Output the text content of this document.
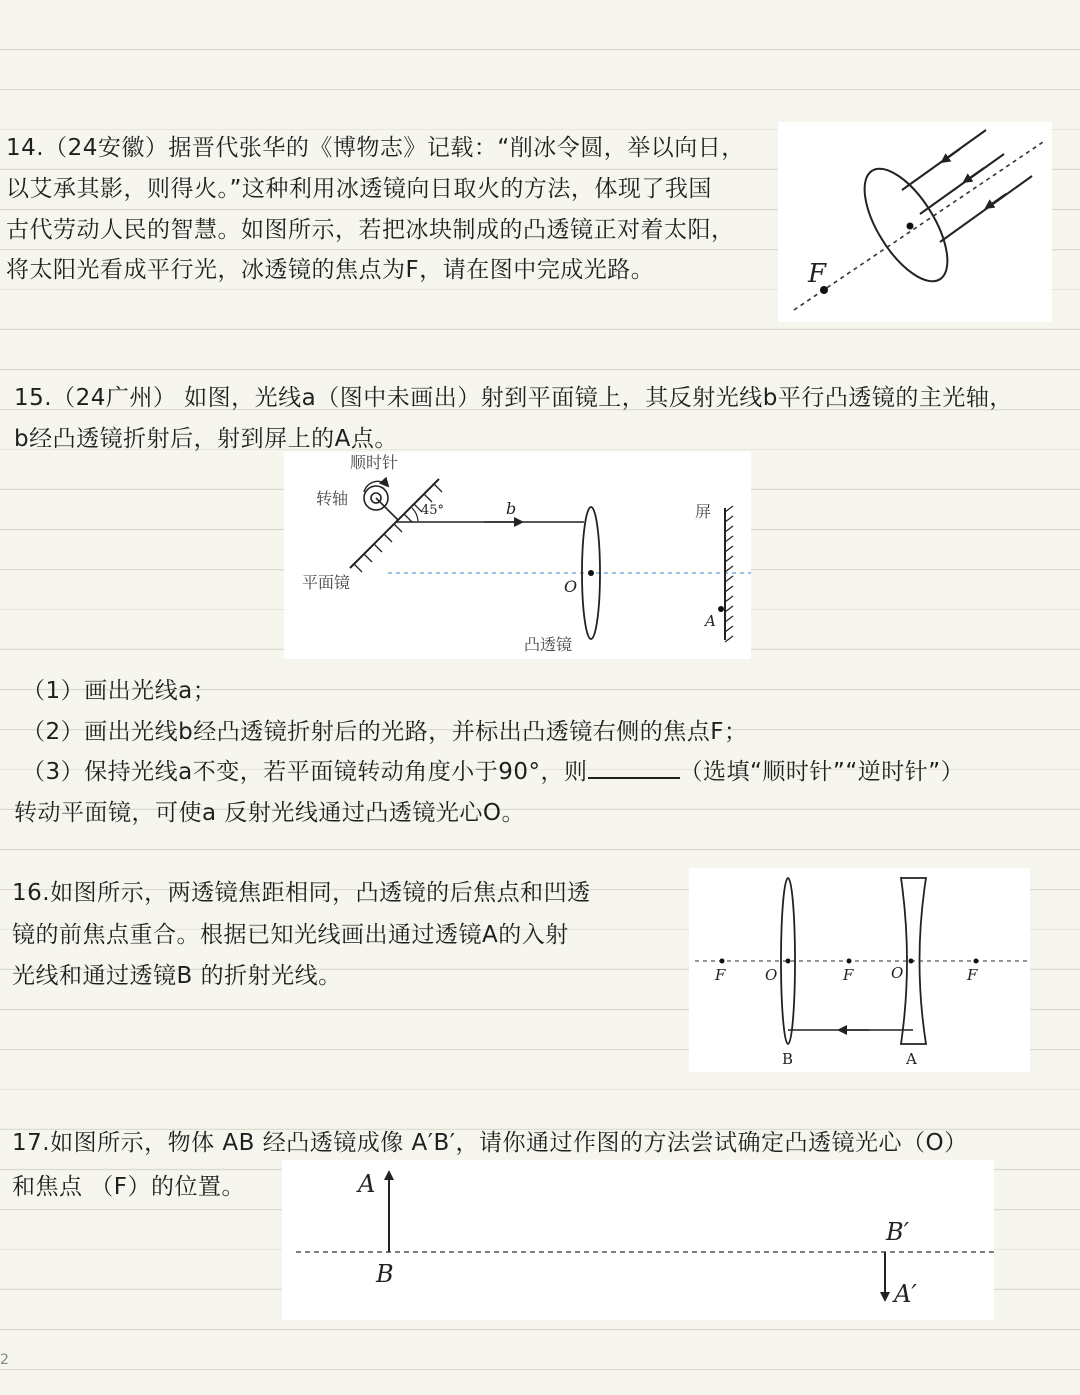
14.（24安徽）据晋代张华的《博物志》记载：“削冰令圆，举以向日，
以艾承其影，则得火。”这种利用冰透镜向日取火的方法，体现了我国
古代劳动人民的智慧。如图所示，若把冰块制成的凸透镜正对着太阳，
将太阳光看成平行光，冰透镜的焦点为F，请在图中完成光路。	F
15.（24广州） 如图，光线a（图中未画出）射到平面镜上，其反射光线b平行凸透镜的主光轴，
b经凸透镜折射后，射到屏上的A点。
45°	b
O
A
顺时针
转轴
屏
平面镜
凸透镜
（1）画出光线a；
（2）画出光线b经凸透镜折射后的光路，并标出凸透镜右侧的焦点F；
（3）保持光线a不变，若平面镜转动角度小于90°，则	（选填“顺时针”“逆时针”）
转动平面镜，可使a 反射光线通过凸透镜光心O。
16.如图所示，两透镜焦距相同，凸透镜的后焦点和凹透
镜的前焦点重合。根据已知光线画出通过透镜A的入射
光线和通过透镜B 的折射光线。	F	O	F	O	F
B	A
17.如图所示，物体 AB 经凸透镜成像 A′B′，请你通过作图的方法尝试确定凸透镜光心（O）
和焦点 （F）的位置。	A
B
B′
A′
2
